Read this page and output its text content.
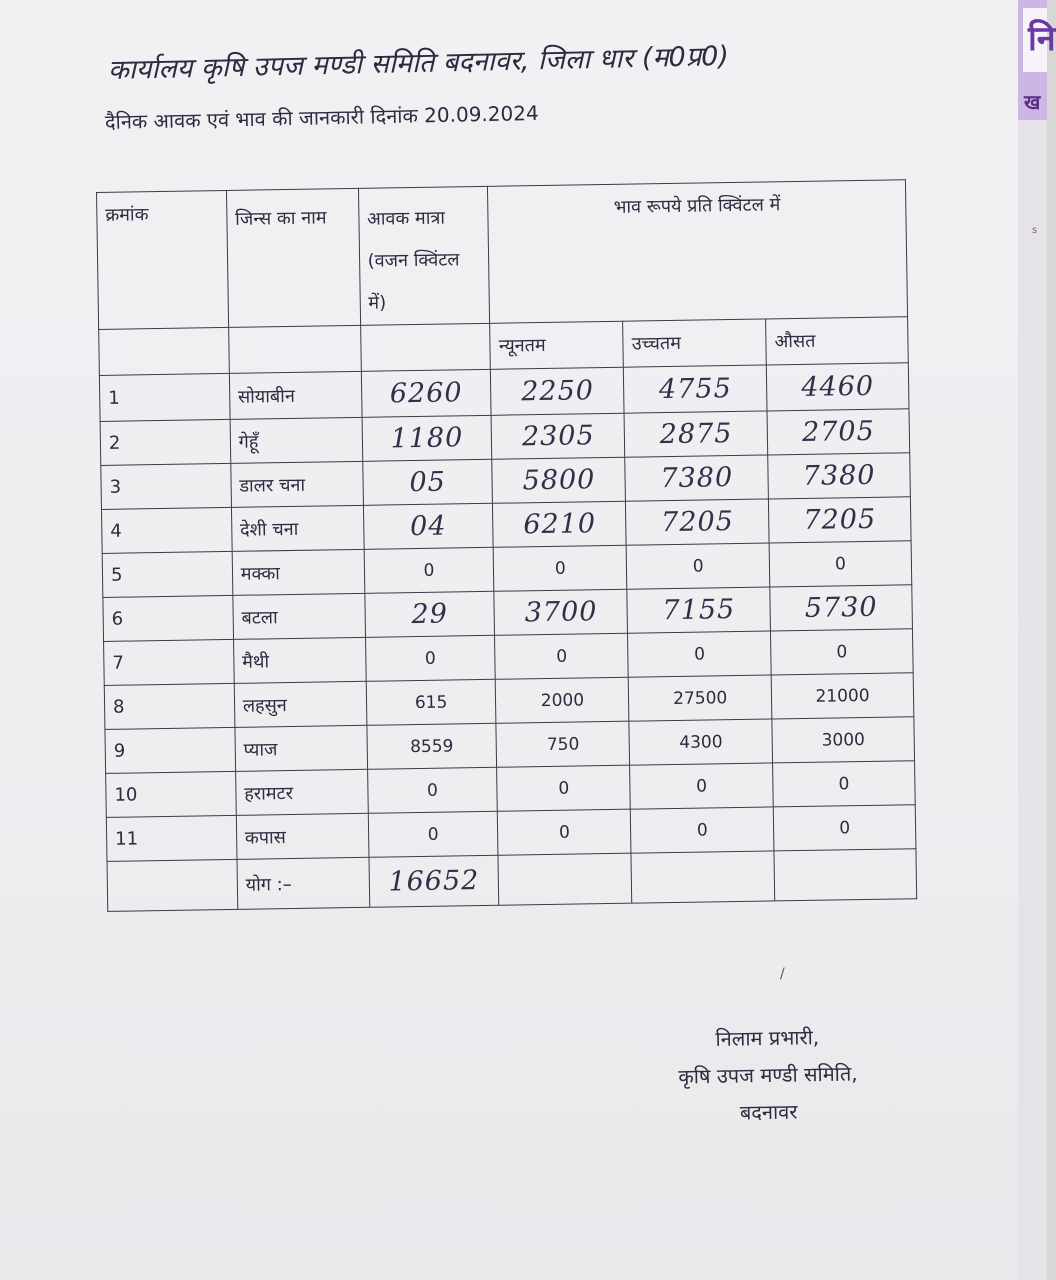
नि
ख
s
कार्यालय कृषि उपज मण्डी समिति बदनावर, जिला धार (म0प्र0)
दैनिक आवक एवं भाव की जानकारी दिनांक 20.09.2024
क्रमांक	जिन्स का नाम	आवक मात्रा (वजन क्विंटल में)	भाव रूपये प्रति क्विंटल में		
			न्यूनतम	उच्चतम	औसत
1	सोयाबीन	6260	2250	4755	4460
2	गेहूँ	1180	2305	2875	2705
3	डालर चना	05	5800	7380	7380
4	देशी चना	04	6210	7205	7205
5	मक्का	0	0	0	0
6	बटला	29	3700	7155	5730
7	मैथी	0	0	0	0
8	लहसुन	615	2000	27500	21000
9	प्याज	8559	750	4300	3000
10	हरामटर	0	0	0	0
11	कपास	0	0	0	0
	योग :–	16652			
/
निलाम प्रभारी,
कृषि उपज मण्डी समिति,
बदनावर
